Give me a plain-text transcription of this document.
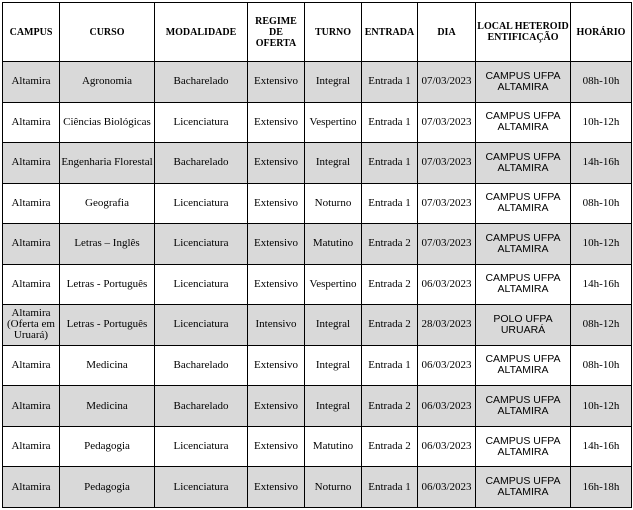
CAMPUS	CURSO	MODALIDADE	REGIME DE OFERTA	TURNO	ENTRADA	DIA	LOCAL HETEROIDENTIFICAÇÃO	HORÁRIO
Altamira	Agronomia	Bacharelado	Extensivo	Integral	Entrada 1	07/03/2023	CAMPUS UFPA ALTAMIRA	08h-10h
Altamira	Ciências Biológicas	Licenciatura	Extensivo	Vespertino	Entrada 1	07/03/2023	CAMPUS UFPA ALTAMIRA	10h-12h
Altamira	Engenharia Florestal	Bacharelado	Extensivo	Integral	Entrada 1	07/03/2023	CAMPUS UFPA ALTAMIRA	14h-16h
Altamira	Geografia	Licenciatura	Extensivo	Noturno	Entrada 1	07/03/2023	CAMPUS UFPA ALTAMIRA	08h-10h
Altamira	Letras – Inglês	Licenciatura	Extensivo	Matutino	Entrada 2	07/03/2023	CAMPUS UFPA ALTAMIRA	10h-12h
Altamira	Letras - Português	Licenciatura	Extensivo	Vespertino	Entrada 2	06/03/2023	CAMPUS UFPA ALTAMIRA	14h-16h
Altamira (Oferta em Uruará)	Letras - Português	Licenciatura	Intensivo	Integral	Entrada 2	28/03/2023	POLO UFPA URUARÁ	08h-12h
Altamira	Medicina	Bacharelado	Extensivo	Integral	Entrada 1	06/03/2023	CAMPUS UFPA ALTAMIRA	08h-10h
Altamira	Medicina	Bacharelado	Extensivo	Integral	Entrada 2	06/03/2023	CAMPUS UFPA ALTAMIRA	10h-12h
Altamira	Pedagogia	Licenciatura	Extensivo	Matutino	Entrada 2	06/03/2023	CAMPUS UFPA ALTAMIRA	14h-16h
Altamira	Pedagogia	Licenciatura	Extensivo	Noturno	Entrada 1	06/03/2023	CAMPUS UFPA ALTAMIRA	16h-18h
